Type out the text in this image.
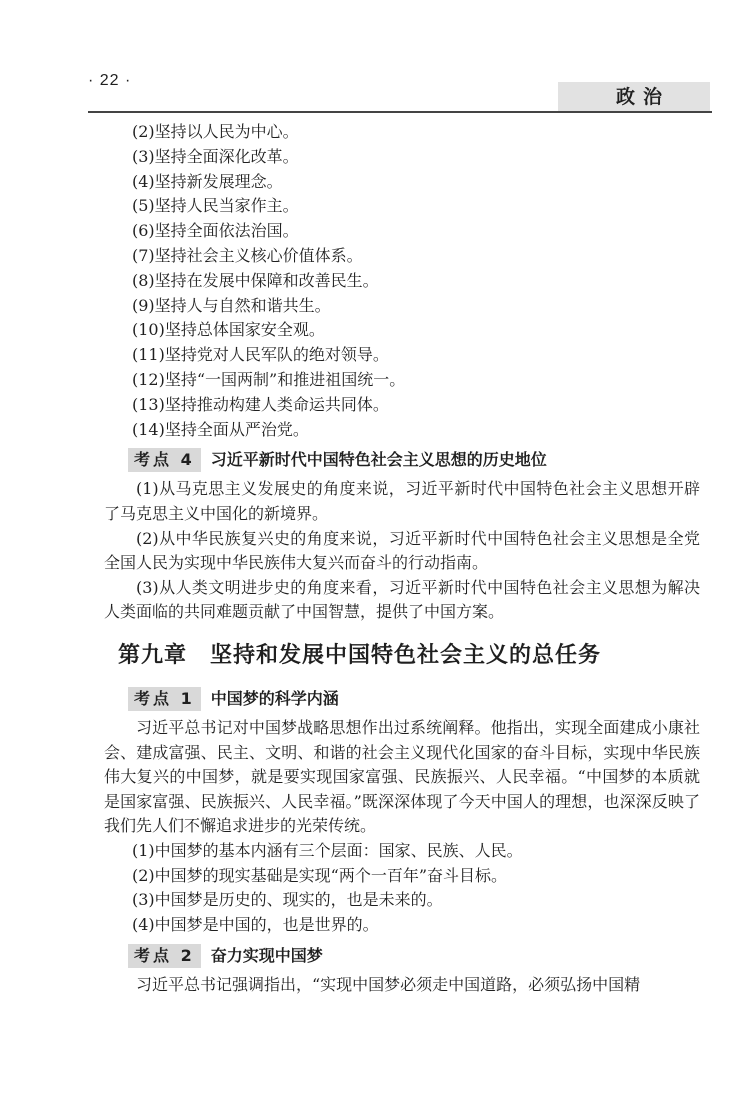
· 22 ·
政治
(2)坚持以人民为中心。
(3)坚持全面深化改革。
(4)坚持新发展理念。
(5)坚持人民当家作主。
(6)坚持全面依法治国。
(7)坚持社会主义核心价值体系。
(8)坚持在发展中保障和改善民生。
(9)坚持人与自然和谐共生。
(10)坚持总体国家安全观。
(11)坚持党对人民军队的绝对领导。
(12)坚持“一国两制”和推进祖国统一。
(13)坚持推动构建人类命运共同体。
(14)坚持全面从严治党。
考点 4 习近平新时代中国特色社会主义思想的历史地位

(1)从马克思主义发展史的角度来说，习近平新时代中国特色社会主义思想开辟了马克思主义中国化的新境界。

(2)从中华民族复兴史的角度来说，习近平新时代中国特色社会主义思想是全党全国人民为实现中华民族伟大复兴而奋斗的行动指南。

(3)从人类文明进步史的角度来看，习近平新时代中国特色社会主义思想为解决人类面临的共同难题贡献了中国智慧，提供了中国方案。

第九章　坚持和发展中国特色社会主义的总任务
考点 1 中国梦的科学内涵

习近平总书记对中国梦战略思想作出过系统阐释。他指出，实现全面建成小康社会、建成富强、民主、文明、和谐的社会主义现代化国家的奋斗目标，实现中华民族伟大复兴的中国梦，就是要实现国家富强、民族振兴、人民幸福。“中国梦的本质就是国家富强、民族振兴、人民幸福。”既深深体现了今天中国人的理想，也深深反映了我们先人们不懈追求进步的光荣传统。

(1)中国梦的基本内涵有三个层面：国家、民族、人民。

(2)中国梦的现实基础是实现“两个一百年”奋斗目标。

(3)中国梦是历史的、现实的，也是未来的。

(4)中国梦是中国的，也是世界的。

考点 2 奋力实现中国梦

习近平总书记强调指出，“实现中国梦必须走中国道路，必须弘扬中国精
